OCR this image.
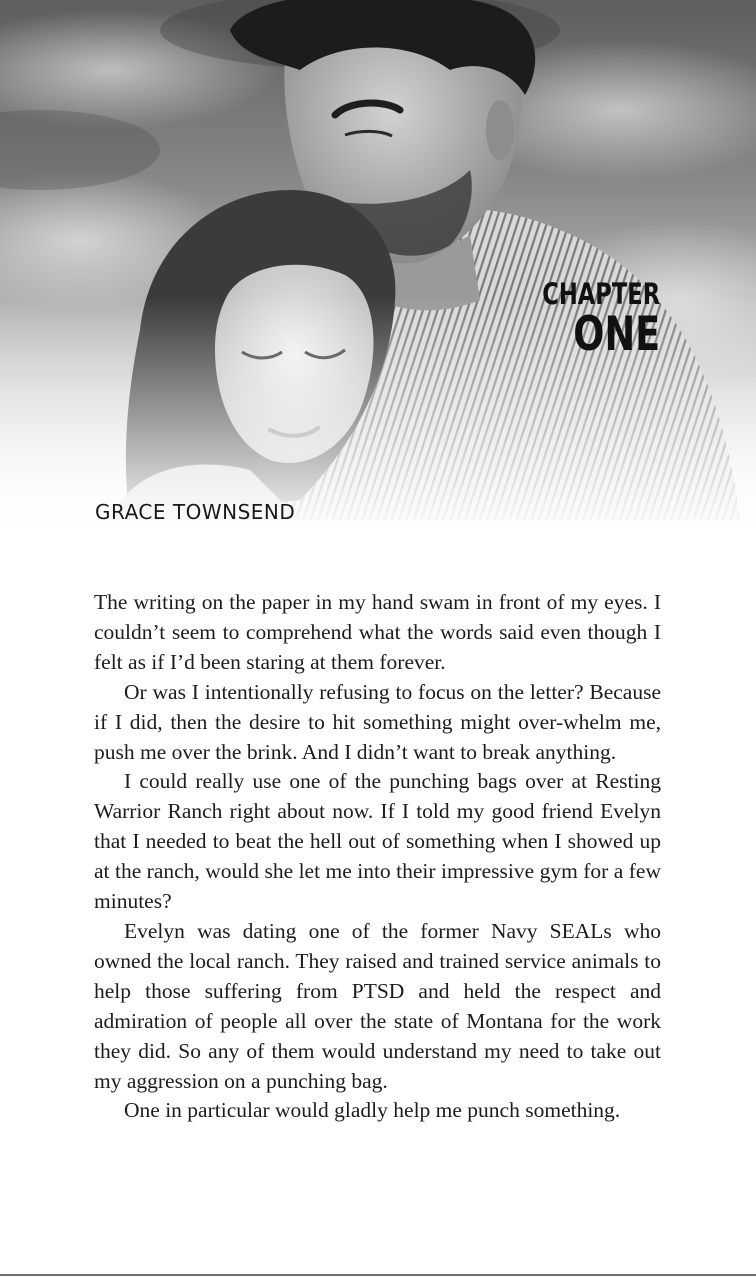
CHAPTER
ONE
GRACE TOWNSEND

The writing on the paper in my hand swam in front of my eyes. I couldn’t seem to comprehend what the words said even though I felt as if I’d been staring at them forever.

Or was I intentionally refusing to focus on the letter? Because if I did, then the desire to hit something might over-whelm me, push me over the brink. And I didn’t want to break anything.

I could really use one of the punching bags over at Resting Warrior Ranch right about now. If I told my good friend Evelyn that I needed to beat the hell out of something when I showed up at the ranch, would she let me into their impressive gym for a few minutes?

Evelyn was dating one of the former Navy SEALs who owned the local ranch. They raised and trained service animals to help those suffering from PTSD and held the respect and admiration of people all over the state of Montana for the work they did. So any of them would understand my need to take out my aggression on a punching bag.

One in particular would gladly help me punch something.
